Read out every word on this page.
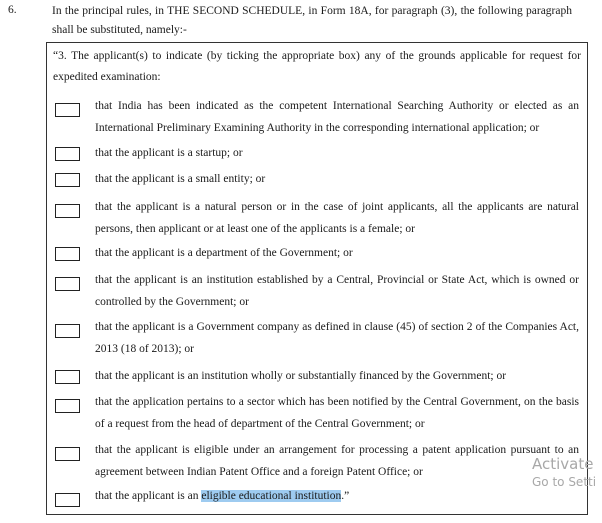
6.	In the principal rules, in THE SECOND SCHEDULE, in Form 18A, for paragraph (3), the following paragraph shall be substituted, namely:-
“3. The applicant(s) to indicate (by ticking the appropriate box) any of the grounds applicable for request for expedited examination:
that India has been indicated as the competent International Searching Authority or elected as an International Preliminary Examining Authority in the corresponding international application; or
that the applicant is a startup; or
that the applicant is a small entity; or
that the applicant is a natural person or in the case of joint applicants, all the applicants are natural persons, then applicant or at least one of the applicants is a female; or
that the applicant is a department of the Government; or
that the applicant is an institution established by a Central, Provincial or State Act, which is owned or controlled by the Government; or
that the applicant is a Government company as defined in clause (45) of section 2 of the Companies Act, 2013 (18 of 2013); or
that the applicant is an institution wholly or substantially financed by the Government; or
that the application pertains to a sector which has been notified by the Central Government, on the basis of a request from the head of department of the Central Government; or
that the applicant is eligible under an arrangement for processing a patent application pursuant to an agreement between Indian Patent Office and a foreign Patent Office; or
that the applicant is an eligible educational institution.”
Activate
Go to Setti
